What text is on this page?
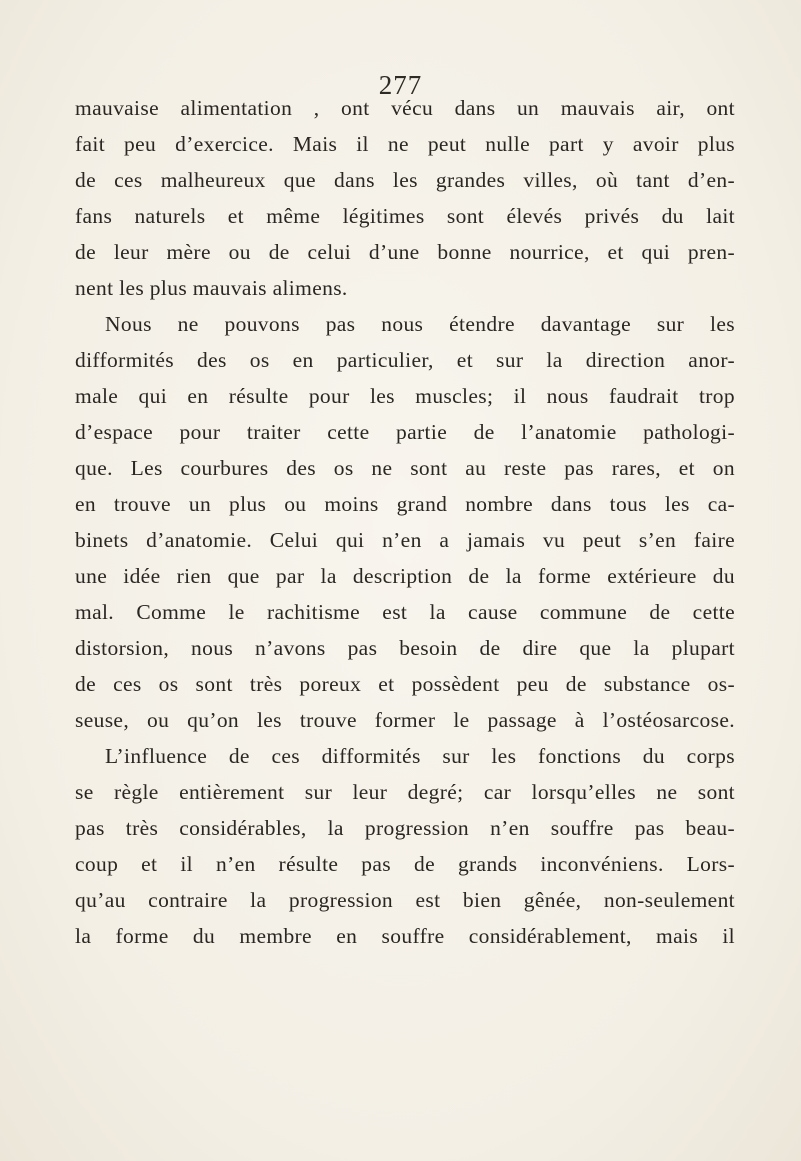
277
mauvaise alimentation , ont vécu dans un mauvais air, ont
fait peu d’exercice. Mais il ne peut nulle part y avoir plus
de ces malheureux que dans les grandes villes, où tant d’en-
fans naturels et même légitimes sont élevés privés du lait
de leur mère ou de celui d’une bonne nourrice, et qui pren-
nent les plus mauvais alimens.
Nous ne pouvons pas nous étendre davantage sur les
difformités des os en particulier, et sur la direction anor-
male qui en résulte pour les muscles; il nous faudrait trop
d’espace pour traiter cette partie de l’anatomie pathologi-
que. Les courbures des os ne sont au reste pas rares, et on
en trouve un plus ou moins grand nombre dans tous les ca-
binets d’anatomie. Celui qui n’en a jamais vu peut s’en faire
une idée rien que par la description de la forme extérieure du
mal. Comme le rachitisme est la cause commune de cette
distorsion, nous n’avons pas besoin de dire que la plupart
de ces os sont très poreux et possèdent peu de substance os-
seuse, ou qu’on les trouve former le passage à l’ostéosarcose.
L’influence de ces difformités sur les fonctions du corps
se règle entièrement sur leur degré; car lorsqu’elles ne sont
pas très considérables, la progression n’en souffre pas beau-
coup et il n’en résulte pas de grands inconvéniens. Lors-
qu’au contraire la progression est bien gênée, non-seulement
la forme du membre en souffre considérablement, mais il
